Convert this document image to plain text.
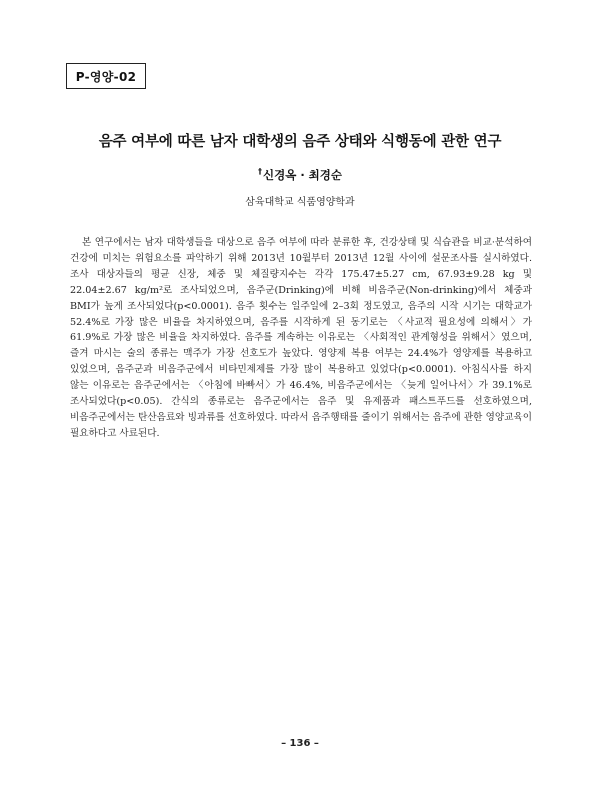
P-영양-02
음주 여부에 따른 남자 대학생의 음주 상태와 식행동에 관한 연구
†신경옥 · 최경순
삼육대학교 식품영양학과
본 연구에서는 남자 대학생들을 대상으로 음주 여부에 따라 분류한 후, 건강상태 및 식습관을 비교·분석하여 건강에 미치는 위험요소를 파악하기 위해 2013년 10월부터 2013년 12월 사이에 설문조사를 실시하였다. 조사 대상자들의 평균 신장, 체중 및 체질량지수는 각각 175.47±5.27 cm, 67.93±9.28 kg 및 22.04±2.67 kg/m²로 조사되었으며, 음주군(Drinking)에 비해 비음주군(Non-drinking)에서 체중과 BMI가 높게 조사되었다(p<0.0001). 음주 횟수는 일주일에 2–3회 정도였고, 음주의 시작 시기는 대학교가 52.4%로 가장 많은 비율을 차지하였으며, 음주를 시작하게 된 동기로는 〈사교적 필요성에 의해서〉가 61.9%로 가장 많은 비율을 차지하였다. 음주를 계속하는 이유로는 〈사회적인 관계형성을 위해서〉였으며, 즐겨 마시는 술의 종류는 맥주가 가장 선호도가 높았다. 영양제 복용 여부는 24.4%가 영양제를 복용하고 있었으며, 음주군과 비음주군에서 비타민제제를 가장 많이 복용하고 있었다(p<0.0001). 아침식사를 하지 않는 이유로는 음주군에서는 〈아침에 바빠서〉가 46.4%, 비음주군에서는 〈늦게 일어나서〉가 39.1%로 조사되었다(p<0.05). 간식의 종류로는 음주군에서는 음주 및 유제품과 패스트푸드를 선호하였으며, 비음주군에서는 탄산음료와 빙과류를 선호하였다. 따라서 음주행태를 줄이기 위해서는 음주에 관한 영양교육이 필요하다고 사료된다.
– 136 –
